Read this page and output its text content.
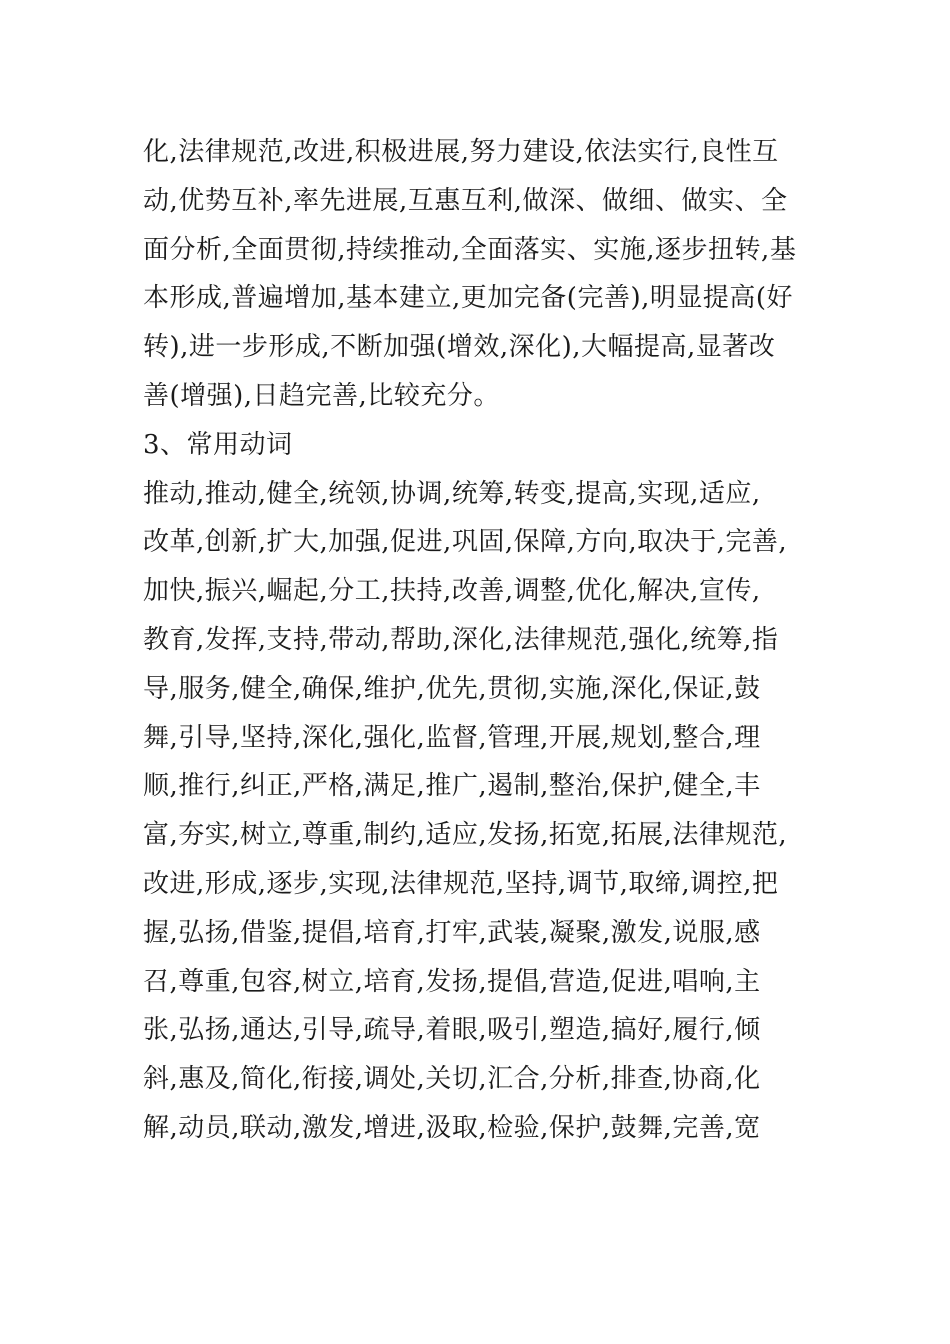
化,法律规范,改进,积极进展,努力建设,依法实行,良性互
动,优势互补,率先进展,互惠互利,做深、做细、做实、全
面分析,全面贯彻,持续推动,全面落实、实施,逐步扭转,基
本形成,普遍增加,基本建立,更加完备(完善),明显提高(好
转),进一步形成,不断加强(增效,深化),大幅提高,显著改
善(增强),日趋完善,比较充分。
3、常用动词
推动,推动,健全,统领,协调,统筹,转变,提高,实现,适应,
改革,创新,扩大,加强,促进,巩固,保障,方向,取决于,完善,
加快,振兴,崛起,分工,扶持,改善,调整,优化,解决,宣传,
教育,发挥,支持,带动,帮助,深化,法律规范,强化,统筹,指
导,服务,健全,确保,维护,优先,贯彻,实施,深化,保证,鼓
舞,引导,坚持,深化,强化,监督,管理,开展,规划,整合,理
顺,推行,纠正,严格,满足,推广,遏制,整治,保护,健全,丰
富,夯实,树立,尊重,制约,适应,发扬,拓宽,拓展,法律规范,
改进,形成,逐步,实现,法律规范,坚持,调节,取缔,调控,把
握,弘扬,借鉴,提倡,培育,打牢,武装,凝聚,激发,说服,感
召,尊重,包容,树立,培育,发扬,提倡,营造,促进,唱响,主
张,弘扬,通达,引导,疏导,着眼,吸引,塑造,搞好,履行,倾
斜,惠及,简化,衔接,调处,关切,汇合,分析,排查,协商,化
解,动员,联动,激发,增进,汲取,检验,保护,鼓舞,完善,宽
